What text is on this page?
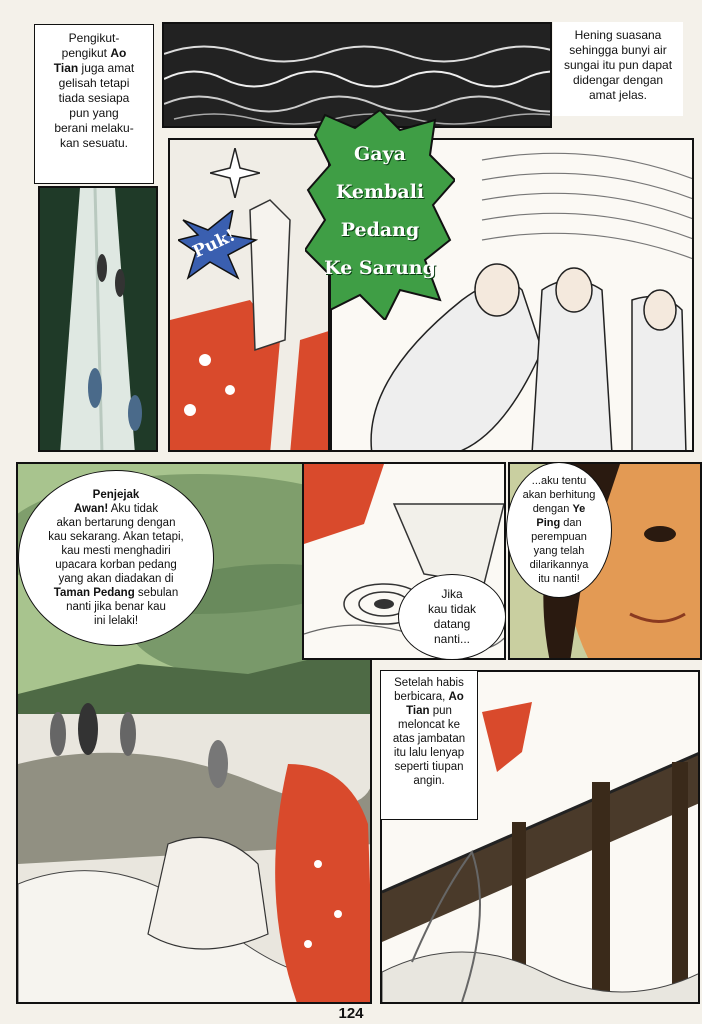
Pengikut-
pengikut Ao
Tian juga amat
gelisah tetapi
tiada sesiapa
pun yang
berani melaku-
kan sesuatu.
Hening suasana
sehingga bunyi air
sungai itu pun dapat
didengar dengan
amat jelas.
Puk!
Gaya
Kembali
Pedang
Ke Sarung
Penjejak
Awan! Aku tidak
akan bertarung dengan
kau sekarang. Akan tetapi,
kau mesti menghadiri
upacara korban pedang
yang akan diadakan di
Taman Pedang sebulan
nanti jika benar kau
ini lelaki!
Jika
kau tidak
datang
nanti...
...aku tentu
akan berhitung
dengan Ye
Ping dan
perempuan
yang telah
dilarikannya
itu nanti!
Setelah habis
berbicara, Ao
Tian pun
meloncat ke
atas jambatan
itu lalu lenyap
seperti tiupan
angin.
124
